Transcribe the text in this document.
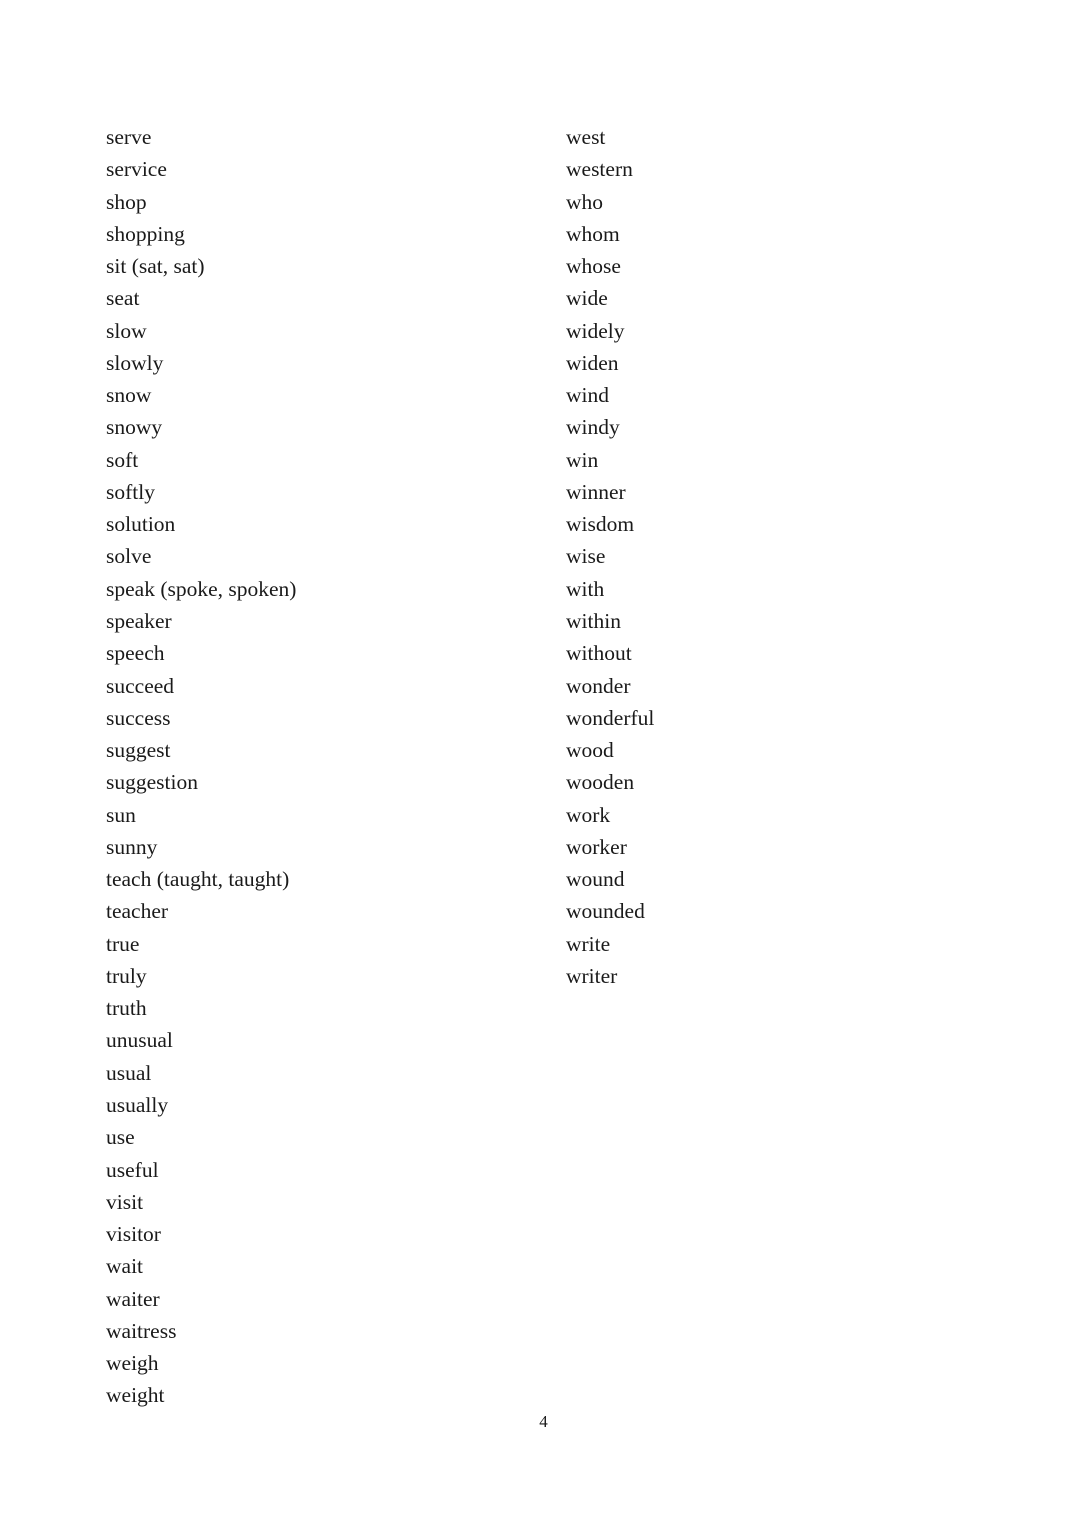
serve
service
shop
shopping
sit (sat, sat)
seat
slow
slowly
snow
snowy
soft
softly
solution
solve
speak (spoke, spoken)
speaker
speech
succeed
success
suggest
suggestion
sun
sunny
teach (taught, taught)
teacher
true
truly
truth
unusual
usual
usually
use
useful
visit
visitor
wait
waiter
waitress
weigh
weight
west
western
who
whom
whose
wide
widely
widen
wind
windy
win
winner
wisdom
wise
with
within
without
wonder
wonderful
wood
wooden
work
worker
wound
wounded
write
writer
4
